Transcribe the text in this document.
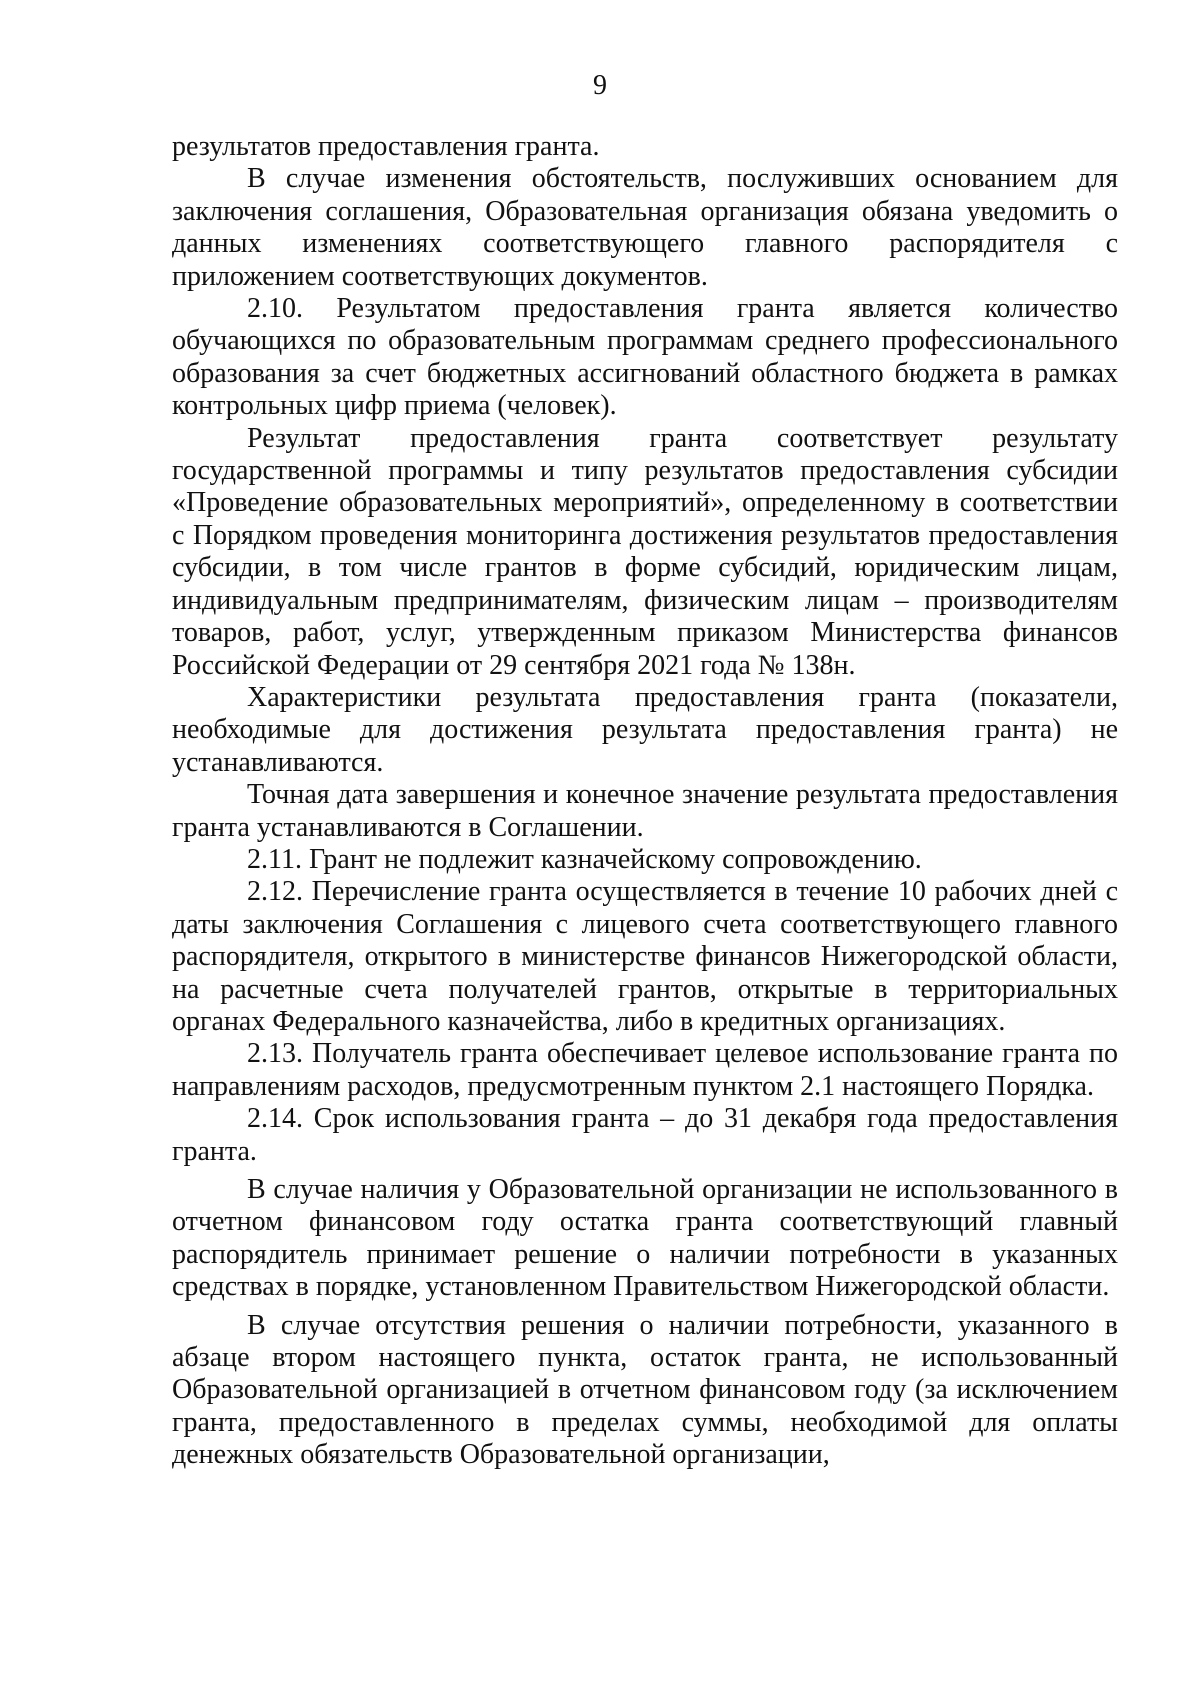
9

результатов предоставления гранта.

В случае изменения обстоятельств, послуживших основанием для заключения соглашения, Образовательная организация обязана уведомить о данных изменениях соответствующего главного распорядителя с приложением соответствующих документов.

2.10. Результатом предоставления гранта является количество обучающихся по образовательным программам среднего профессионального образования за счет бюджетных ассигнований областного бюджета в рамках контрольных цифр приема (человек).

Результат предоставления гранта соответствует результату государственной программы и типу результатов предоставления субсидии «Проведение образовательных мероприятий», определенному в соответствии с Порядком проведения мониторинга достижения результатов предоставления субсидии, в том числе грантов в форме субсидий, юридическим лицам, индивидуальным предпринимателям, физическим лицам – производителям товаров, работ, услуг, утвержденным приказом Министерства финансов Российской Федерации от 29 сентября 2021 года № 138н.

Характеристики результата предоставления гранта (показатели, необходимые для достижения результата предоставления гранта) не устанавливаются.

Точная дата завершения и конечное значение результата предоставления гранта устанавливаются в Соглашении.

2.11. Грант не подлежит казначейскому сопровождению.

2.12. Перечисление гранта осуществляется в течение 10 рабочих дней с даты заключения Соглашения с лицевого счета соответствующего главного распорядителя, открытого в министерстве финансов Нижегородской области, на расчетные счета получателей грантов, открытые в территориальных органах Федерального казначейства, либо в кредитных организациях.

2.13. Получатель гранта обеспечивает целевое использование гранта по направлениям расходов, предусмотренным пунктом 2.1 настоящего Порядка.

2.14. Срок использования гранта – до 31 декабря года предоставления гранта.

В случае наличия у Образовательной организации не использованного в отчетном финансовом году остатка гранта соответствующий главный распорядитель принимает решение о наличии потребности в указанных средствах в порядке, установленном Правительством Нижегородской области.

В случае отсутствия решения о наличии потребности, указанного в абзаце втором настоящего пункта, остаток гранта, не использованный Образовательной организацией в отчетном финансовом году (за исключением гранта, предоставленного в пределах суммы, необходимой для оплаты денежных обязательств Образовательной организации,
